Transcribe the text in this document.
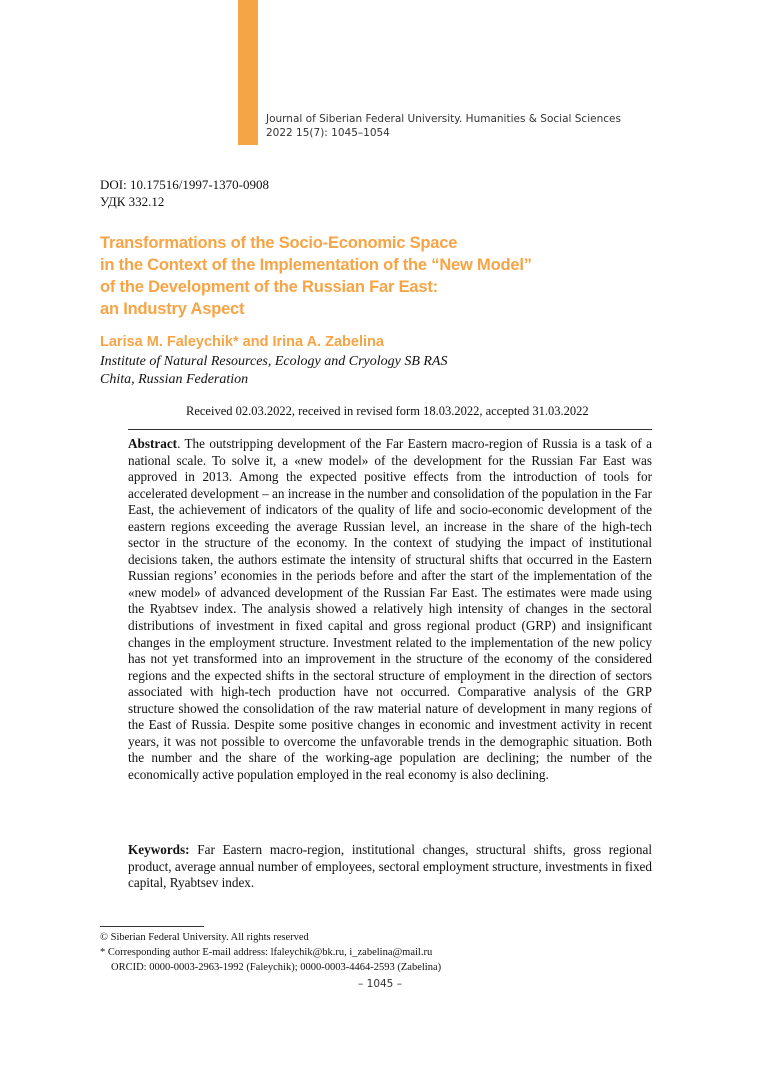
Journal of Siberian Federal University. Humanities & Social Sciences
2022 15(7): 1045–1054
DOI: 10.17516/1997-1370-0908
УДК 332.12
Transformations of the Socio-Economic Space
in the Context of the Implementation of the “New Model”
of the Development of the Russian Far East:
an Industry Aspect
Larisa M. Faleychik* and Irina A. Zabelina
Institute of Natural Resources, Ecology and Cryology SB RAS
Chita, Russian Federation
Received 02.03.2022, received in revised form 18.03.2022, accepted 31.03.2022

Abstract. The outstripping development of the Far Eastern macro-region of Russia is a task of a national scale. To solve it, a «new model» of the development for the Russian Far East was approved in 2013. Among the expected positive effects from the introduction of tools for accelerated development – an increase in the number and consolidation of the population in the Far East, the achievement of indicators of the quality of life and socio-economic development of the eastern regions exceeding the average Russian level, an increase in the share of the high-tech sector in the structure of the economy. In the context of studying the impact of institutional decisions taken, the authors estimate the intensity of structural shifts that occurred in the Eastern Russian regions’ economies in the periods before and after the start of the implementation of the «new model» of advanced development of the Russian Far East. The estimates were made using the Ryabtsev index. The analysis showed a relatively high intensity of changes in the sectoral distributions of investment in fixed capital and gross regional product (GRP) and insignificant changes in the employment structure. Investment related to the implementation of the new policy has not yet transformed into an improvement in the structure of the economy of the considered regions and the expected shifts in the sectoral structure of employment in the direction of sectors associated with high-tech production have not occurred. Comparative analysis of the GRP structure showed the consolidation of the raw material nature of development in many regions of the East of Russia. Despite some positive changes in economic and investment activity in recent years, it was not possible to overcome the unfavorable trends in the demographic situation. Both the number and the share of the working-age population are declining; the number of the economically active population employed in the real economy is also declining.

Keywords: Far Eastern macro-region, institutional changes, structural shifts, gross regional product, average annual number of employees, sectoral employment structure, investments in fixed capital, Ryabtsev index.

© Siberian Federal University. All rights reserved
* Corresponding author E-mail address: lfaleychik@bk.ru, i_zabelina@mail.ru
ORCID: 0000-0003-2963-1992 (Faleychik); 0000-0003-4464-2593 (Zabelina)
– 1045 –
